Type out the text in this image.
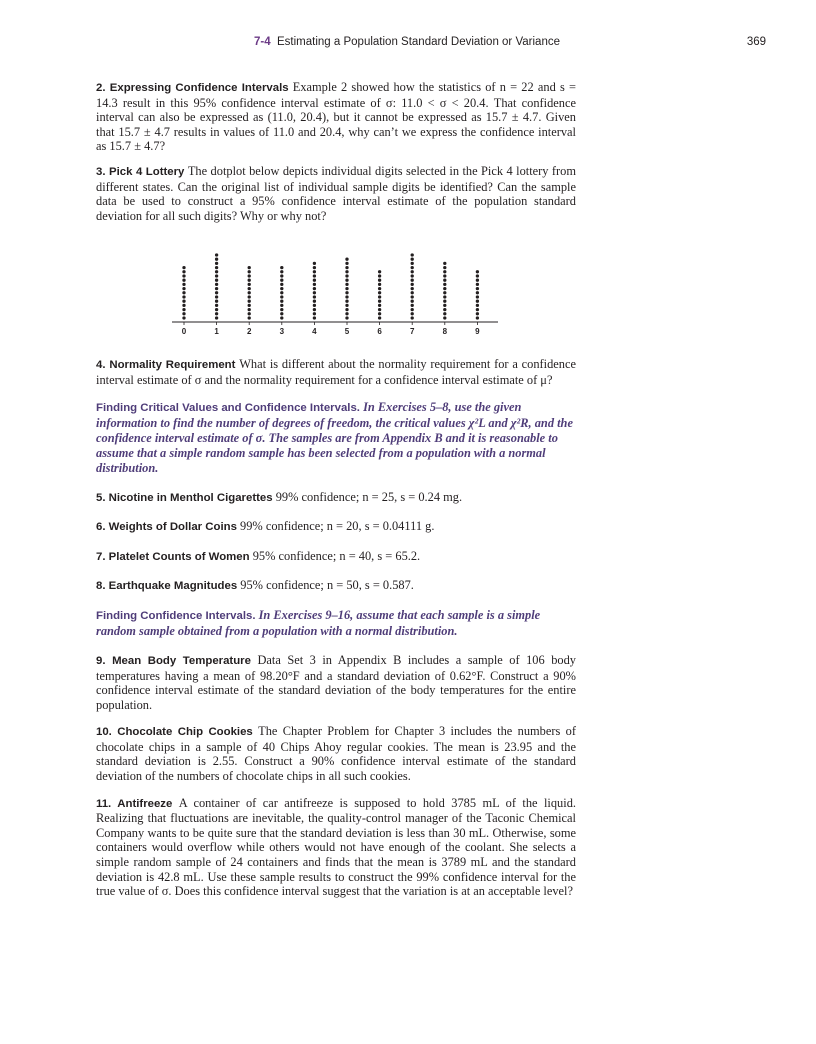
7-4 Estimating a Population Standard Deviation or Variance	369

2. Expressing Confidence Intervals Example 2 showed how the statistics of n = 22 and s = 14.3 result in this 95% confidence interval estimate of σ: 11.0 < σ < 20.4. That confidence interval can also be expressed as (11.0, 20.4), but it cannot be expressed as 15.7 ± 4.7. Given that 15.7 ± 4.7 results in values of 11.0 and 20.4, why can’t we express the confidence interval as 15.7 ± 4.7?

3. Pick 4 Lottery The dotplot below depicts individual digits selected in the Pick 4 lottery from different states. Can the original list of individual sample digits be identified? Can the sample data be used to construct a 95% confidence interval estimate of the population standard deviation for all such digits? Why or why not?

0	1	2	3	4	5	6	7	8	9

4. Normality Requirement What is different about the normality requirement for a confidence interval estimate of σ and the normality requirement for a confidence interval estimate of μ?

Finding Critical Values and Confidence Intervals. In Exercises 5–8, use the given information to find the number of degrees of freedom, the critical values χ²L and χ²R, and the confidence interval estimate of σ. The samples are from Appendix B and it is reasonable to assume that a simple random sample has been selected from a population with a normal distribution.

5. Nicotine in Menthol Cigarettes 99% confidence; n = 25, s = 0.24 mg.

6. Weights of Dollar Coins 99% confidence; n = 20, s = 0.04111 g.

7. Platelet Counts of Women 95% confidence; n = 40, s = 65.2.

8. Earthquake Magnitudes 95% confidence; n = 50, s = 0.587.

Finding Confidence Intervals. In Exercises 9–16, assume that each sample is a simple random sample obtained from a population with a normal distribution.

9. Mean Body Temperature Data Set 3 in Appendix B includes a sample of 106 body temperatures having a mean of 98.20°F and a standard deviation of 0.62°F. Construct a 90% confidence interval estimate of the standard deviation of the body temperatures for the entire population.

10. Chocolate Chip Cookies The Chapter Problem for Chapter 3 includes the numbers of chocolate chips in a sample of 40 Chips Ahoy regular cookies. The mean is 23.95 and the standard deviation is 2.55. Construct a 90% confidence interval estimate of the standard deviation of the numbers of chocolate chips in all such cookies.

11. Antifreeze A container of car antifreeze is supposed to hold 3785 mL of the liquid. Realizing that fluctuations are inevitable, the quality-control manager of the Taconic Chemical Company wants to be quite sure that the standard deviation is less than 30 mL. Otherwise, some containers would overflow while others would not have enough of the coolant. She selects a simple random sample of 24 containers and finds that the mean is 3789 mL and the standard deviation is 42.8 mL. Use these sample results to construct the 99% confidence interval for the true value of σ. Does this confidence interval suggest that the variation is at an acceptable level?
